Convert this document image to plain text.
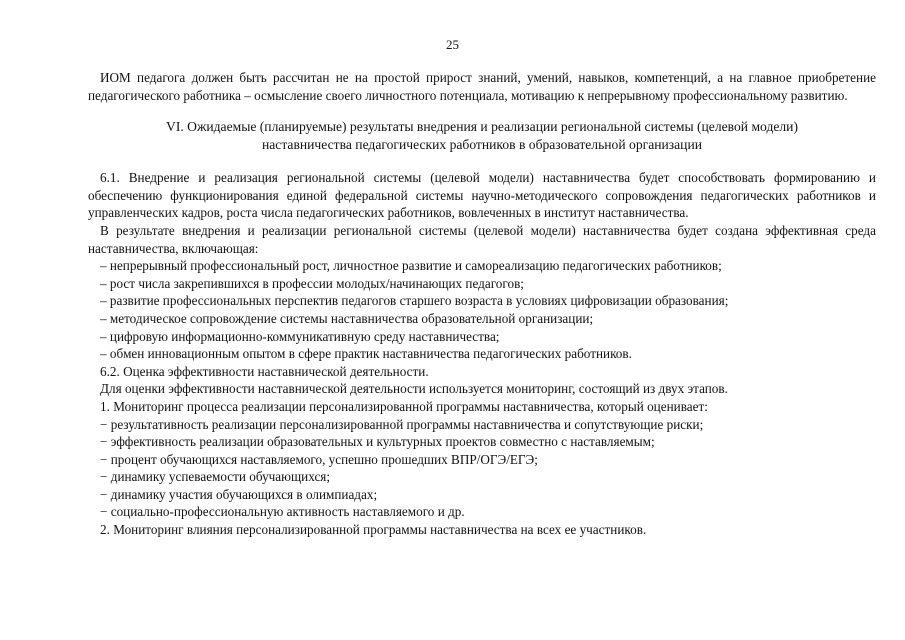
25

ИОМ педагога должен быть рассчитан не на простой прирост знаний, умений, навыков, компетенций, а на главное приобретение педагогического работника – осмысление своего личностного потенциала, мотивацию к непрерывному профессиональному развитию.

VI. Ожидаемые (планируемые) результаты внедрения и реализации региональной системы (целевой модели)
наставничества педагогических работников в образовательной организации

6.1. Внедрение и реализация региональной системы (целевой модели) наставничества будет способствовать формированию и обеспечению функционирования единой федеральной системы научно-методического сопровождения педагогических работников и управленческих кадров, роста числа педагогических работников, вовлеченных в институт наставничества.

В результате внедрения и реализации региональной системы (целевой модели) наставничества будет создана эффективная среда наставничества, включающая:

– непрерывный профессиональный рост, личностное развитие и самореализацию педагогических работников;
– рост числа закрепившихся в профессии молодых/начинающих педагогов;
– развитие профессиональных перспектив педагогов старшего возраста в условиях цифровизации образования;
– методическое сопровождение системы наставничества образовательной организации;
– цифровую информационно-коммуникативную среду наставничества;
– обмен инновационным опытом в сфере практик наставничества педагогических работников.

6.2. Оценка эффективности наставнической деятельности.

Для оценки эффективности наставнической деятельности используется мониторинг, состоящий из двух этапов.

1. Мониторинг процесса реализации персонализированной программы наставничества, который оценивает:

− результативность реализации персонализированной программы наставничества и сопутствующие риски;
− эффективность реализации образовательных и культурных проектов совместно с наставляемым;
− процент обучающихся наставляемого, успешно прошедших ВПР/ОГЭ/ЕГЭ;
− динамику успеваемости обучающихся;
− динамику участия обучающихся в олимпиадах;
− социально-профессиональную активность наставляемого и др.

2. Мониторинг влияния персонализированной программы наставничества на всех ее участников.
